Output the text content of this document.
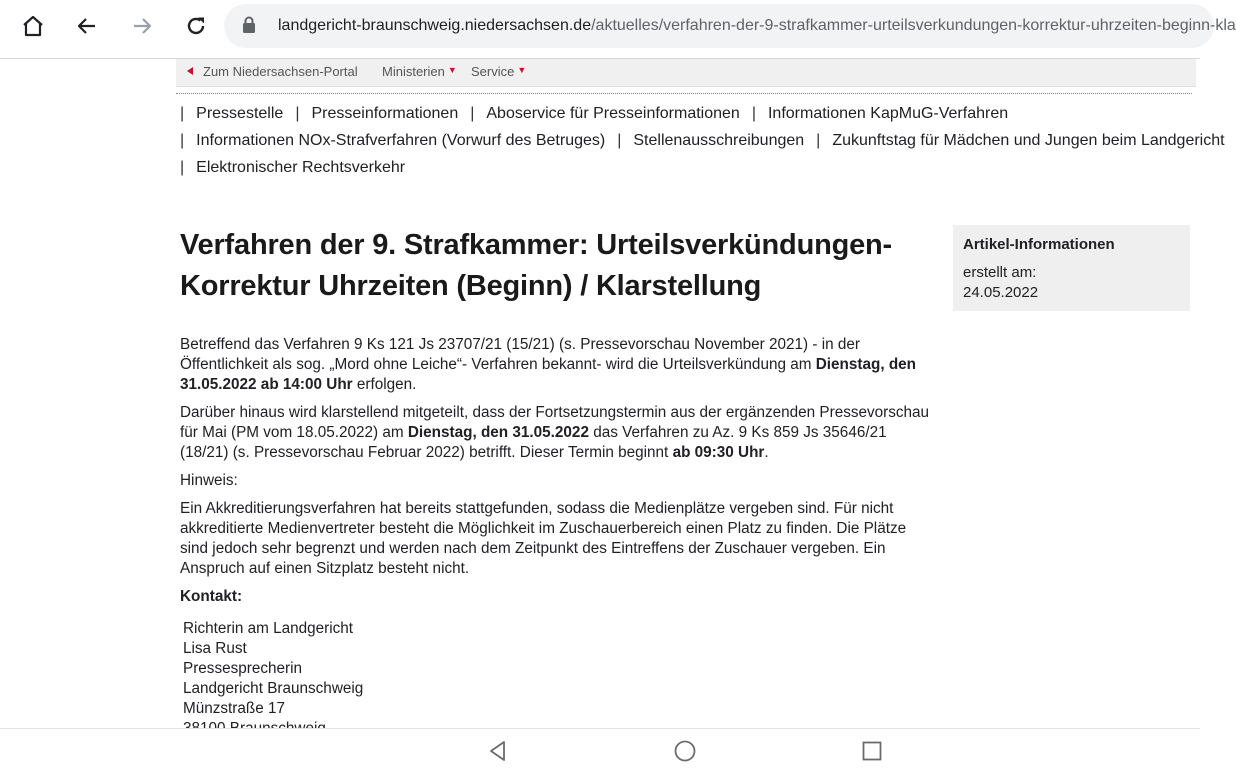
landgericht-braunschweig.niedersachsen.de/aktuelles/verfahren-der-9-strafkammer-urteilsverkundungen-korrektur-uhrzeiten-beginn-kla
Zum Niedersachsen-Portal Ministerien ▼ Service ▼
| Pressestelle | Presseinformationen | Aboservice für Presseinformationen | Informationen KapMuG-Verfahren
| Informationen NOx-Strafverfahren (Vorwurf des Betruges) | Stellenausschreibungen | Zukunftstag für Mädchen und Jungen beim Landgericht
| Elektronischer Rechtsverkehr
Verfahren der 9. Strafkammer: Urteilsverkündungen-
Korrektur Uhrzeiten (Beginn) / Klarstellung

Betreffend das Verfahren 9 Ks 121 Js 23707/21 (15/21) (s. Pressevorschau November 2021) - in der Öffentlichkeit als sog. „Mord ohne Leiche“- Verfahren bekannt- wird die Urteilsverkündung am Dienstag, den 31.05.2022 ab 14:00 Uhr erfolgen.

Darüber hinaus wird klarstellend mitgeteilt, dass der Fortsetzungstermin aus der ergänzenden Pressevorschau für Mai (PM vom 18.05.2022) am Dienstag, den 31.05.2022 das Verfahren zu Az. 9 Ks 859 Js 35646/21 (18/21) (s. Pressevorschau Februar 2022) betrifft. Dieser Termin beginnt ab 09:30 Uhr.

Hinweis:

Ein Akkreditierungsverfahren hat bereits stattgefunden, sodass die Medienplätze vergeben sind. Für nicht akkreditierte Medienvertreter besteht die Möglichkeit im Zuschauerbereich einen Platz zu finden. Die Plätze sind jedoch sehr begrenzt und werden nach dem Zeitpunkt des Eintreffens der Zuschauer vergeben. Ein Anspruch auf einen Sitzplatz besteht nicht.

Kontakt:

Richterin am Landgericht
Lisa Rust
Pressesprecherin
Landgericht Braunschweig
Münzstraße 17
Artikel-Informationen
erstellt am:
24.05.2022
